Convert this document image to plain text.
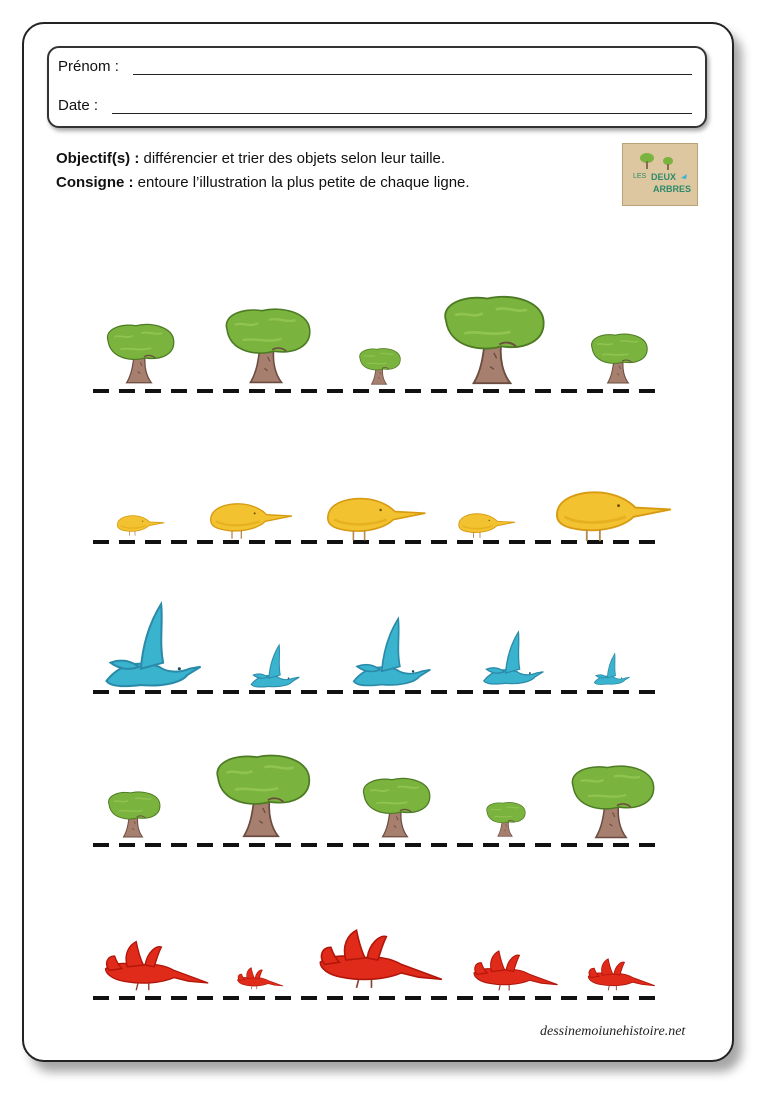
Prénom :
Date :
Objectif(s) : différencier et trier des objets selon leur taille.
Consigne : entoure l’illustration la plus petite de chaque ligne.	LES DEUX
ARBRES
dessinemoiunehistoire.net
